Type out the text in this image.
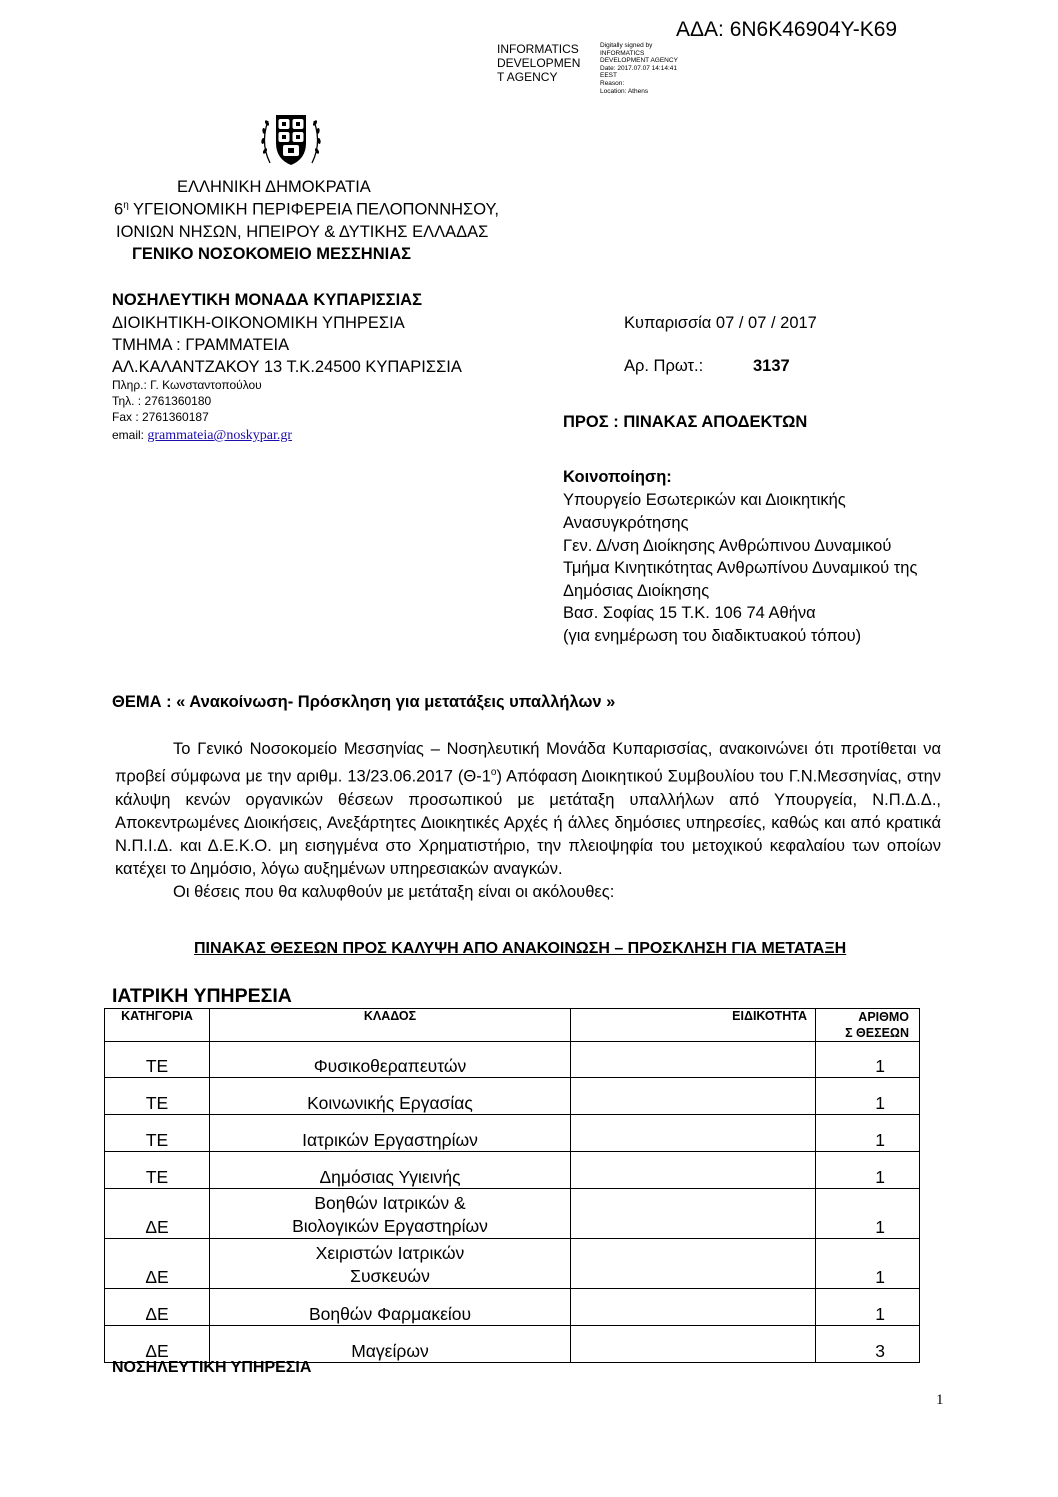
ΑΔΑ: 6Ν6Κ46904Υ-Κ69
INFORMATICS
DEVELOPMEN
T AGENCY
Digitally signed by
INFORMATICS
DEVELOPMENT AGENCY
Date: 2017.07.07 14:14:41
EEST
Reason:
Location: Athens
ΕΛΛΗΝΙΚΗ ΔΗΜΟΚΡΑΤΙΑ
$6^\eta$ ΥΓΕΙΟΝΟΜΙΚΗ ΠΕΡΙΦΕΡΕΙΑ ΠΕΛΟΠΟΝΝΗΣΟΥ,
ΙΟΝΙΩΝ ΝΗΣΩΝ, ΗΠΕΙΡΟΥ & ΔΥΤΙΚΗΣ ΕΛΛΑΔΑΣ
ΓΕΝΙΚΟ ΝΟΣΟΚΟΜΕΙΟ ΜΕΣΣΗΝΙΑΣ
ΝΟΣΗΛΕΥΤΙΚΗ ΜΟΝΑΔΑ ΚΥΠΑΡΙΣΣΙΑΣ
ΔΙΟΙΚΗΤΙΚΗ-ΟΙΚΟΝΟΜΙΚΗ ΥΠΗΡΕΣΙΑ
ΤΜΗΜΑ : ΓΡΑΜΜΑΤΕΙΑ
ΑΛ.ΚΑΛΑΝΤΖΑΚΟΥ 13 Τ.Κ.24500 ΚΥΠΑΡΙΣΣΙΑ
Πληρ.: Γ. Κωνσταντοπούλου
Τηλ. : 2761360180
Fax : 2761360187
email: grammateia@noskypar.gr
Κυπαρισσία 07 / 07 / 2017
Αρ. Πρωτ.:	3137
ΠΡΟΣ : ΠΙΝΑΚΑΣ ΑΠΟΔΕΚΤΩΝ
Κοινοποίηση:
Υπουργείο Εσωτερικών και Διοικητικής
Ανασυγκρότησης
Γεν. Δ/νση Διοίκησης Ανθρώπινου Δυναμικού
Τμήμα Κινητικότητας Ανθρωπίνου Δυναμικού της
Δημόσιας Διοίκησης
Βασ. Σοφίας 15 Τ.Κ. 106 74 Αθήνα
(για ενημέρωση του διαδικτυακού τόπου)
ΘΕΜΑ : « Ανακοίνωση- Πρόσκληση για μετατάξεις υπαλλήλων »

Το Γενικό Νοσοκομείο Μεσσηνίας – Νοσηλευτική Μονάδα Κυπαρισσίας, ανακοινώνει ότι προτίθεται να προβεί σύμφωνα με την αριθμ. 13/23.06.2017 $(\Theta-1^o)$ Απόφαση Διοικητικού Συμβουλίου του Γ.Ν.Μεσσηνίας, στην κάλυψη κενών οργανικών θέσεων προσωπικού με μετάταξη υπαλλήλων από Υπουργεία, Ν.Π.Δ.Δ., Αποκεντρωμένες Διοικήσεις, Ανεξάρτητες Διοικητικές Αρχές ή άλλες δημόσιες υπηρεσίες, καθώς και από κρατικά Ν.Π.Ι.Δ. και Δ.Ε.Κ.Ο. μη εισηγμένα στο Χρηματιστήριο, την πλειοψηφία του μετοχικού κεφαλαίου των οποίων κατέχει το Δημόσιο, λόγω αυξημένων υπηρεσιακών αναγκών.

Οι θέσεις που θα καλυφθούν με μετάταξη είναι οι ακόλουθες:

ΠΙΝΑΚΑΣ ΘΕΣΕΩΝ ΠΡΟΣ ΚΑΛΥΨΗ ΑΠΟ ΑΝΑΚΟΙΝΩΣΗ – ΠΡΟΣΚΛΗΣΗ ΓΙΑ ΜΕΤΑΤΑΞΗ
ΙΑΤΡΙΚΗ ΥΠΗΡΕΣΙΑ
ΚΑΤΗΓΟΡΙΑ	ΚΛΑΔΟΣ	ΕΙΔΙΚΟΤΗΤΑ	ΑΡΙΘΜΟ
Σ ΘΕΣΕΩΝ

ΤΕ	Φυσικοθεραπευτών		1
ΤΕ	Κοινωνικής Εργασίας		1
ΤΕ	Ιατρικών Εργαστηρίων		1
ΤΕ	Δημόσιας Υγιεινής		1
ΔΕ	Βοηθών Ιατρικών &
Βιολογικών Εργαστηρίων		1
ΔΕ	Χειριστών Ιατρικών
Συσκευών		1
ΔΕ	Βοηθών Φαρμακείου		1
ΔΕ	Μαγείρων		3
ΝΟΣΗΛΕΥΤΙΚΗ ΥΠΗΡΕΣΙΑ
1
